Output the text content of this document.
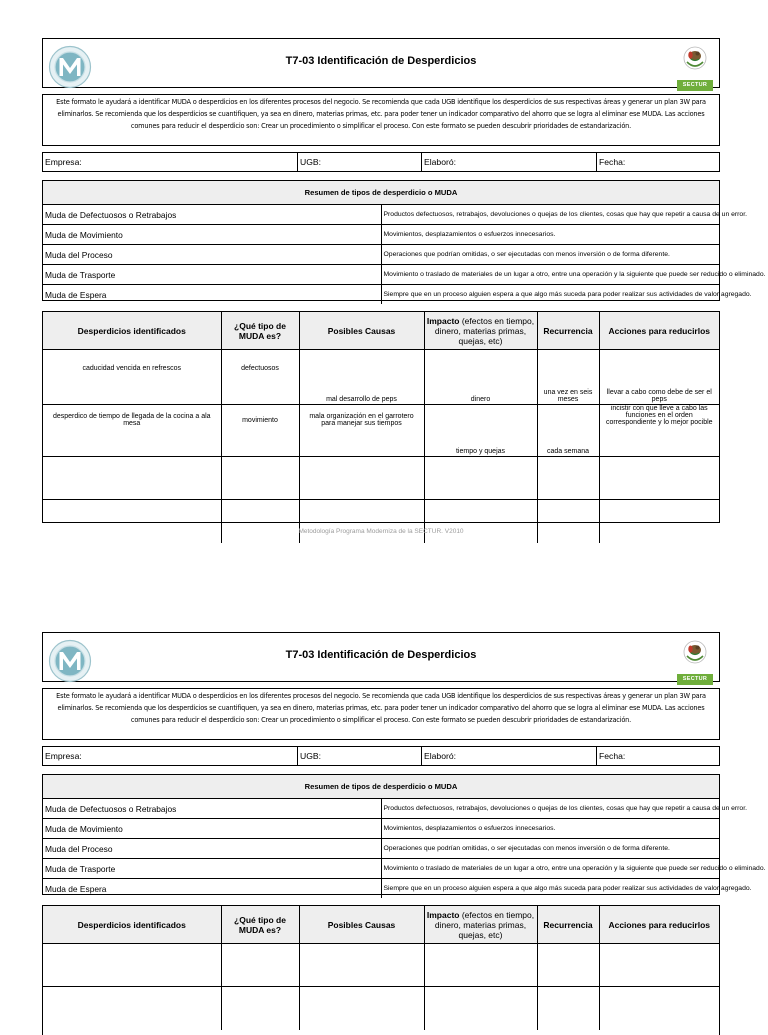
T7-03 Identificación de Desperdicios
SECTUR
Este formato le ayudará a identificar MUDA o desperdicios en los diferentes procesos del negocio. Se recomienda que cada UGB identifique los desperdicios de sus respectivas áreas y generar un plan 3W para eliminarlos. Se recomienda que los desperdicios se cuantifiquen, ya sea en dinero, materias primas, etc. para poder tener un indicador comparativo del ahorro que se logra al eliminar ese MUDA. Las acciones comunes para reducir el desperdicio son: Crear un procedimiento o simplificar el proceso. Con este formato se pueden descubrir prioridades de estandarización.
Empresa:	UGB:	Elaboró:	Fecha:
Resumen de tipos de desperdicio o MUDA	
Muda de Defectuosos o Retrabajos	Productos defectuosos, retrabajos, devoluciones o quejas de los clientes, cosas que hay que repetir a causa de un error.
Muda de Movimiento	Movimientos, desplazamientos o esfuerzos innecesarios.
Muda del Proceso	Operaciones que podrían omitidas, o ser ejecutadas con menos inversión o de forma diferente.
Muda de Trasporte	Movimiento o traslado de materiales de un lugar a otro, entre una operación y la siguiente que puede ser reducido o eliminado.
Muda de Espera	Siempre que en un proceso alguien espera a que algo más suceda para poder realizar sus actividades de valor agregado.
Desperdicios identificados	¿Qué tipo de MUDA es?	Posibles Causas	Impacto (efectos en tiempo, dinero, materias primas, quejas, etc)	Recurrencia	Acciones para reducirlos
caducidad vencida en refrescos	defectuosos	mal desarrollo de peps	dinero	una vez en seis meses	llevar a cabo como debe de ser el peps
desperdico de tiempo de llegada de la cocina a ala mesa	movimiento	mala organización en el garrotero para manejar sus tiempos	tiempo y quejas	cada semana	incistir con que lleve a cabo las funciones en el orden correspondiente y lo mejor pocible

Metodología Programa Moderniza de la SECTUR. V2010
T7-03 Identificación de Desperdicios
SECTUR
Este formato le ayudará a identificar MUDA o desperdicios en los diferentes procesos del negocio. Se recomienda que cada UGB identifique los desperdicios de sus respectivas áreas y generar un plan 3W para eliminarlos. Se recomienda que los desperdicios se cuantifiquen, ya sea en dinero, materias primas, etc. para poder tener un indicador comparativo del ahorro que se logra al eliminar ese MUDA. Las acciones comunes para reducir el desperdicio son: Crear un procedimiento o simplificar el proceso. Con este formato se pueden descubrir prioridades de estandarización.
Empresa:	UGB:	Elaboró:	Fecha:
Resumen de tipos de desperdicio o MUDA	
Muda de Defectuosos o Retrabajos	Productos defectuosos, retrabajos, devoluciones o quejas de los clientes, cosas que hay que repetir a causa de un error.
Muda de Movimiento	Movimientos, desplazamientos o esfuerzos innecesarios.
Muda del Proceso	Operaciones que podrían omitidas, o ser ejecutadas con menos inversión o de forma diferente.
Muda de Trasporte	Movimiento o traslado de materiales de un lugar a otro, entre una operación y la siguiente que puede ser reducido o eliminado.
Muda de Espera	Siempre que en un proceso alguien espera a que algo más suceda para poder realizar sus actividades de valor agregado.
Desperdicios identificados	¿Qué tipo de MUDA es?	Posibles Causas	Impacto (efectos en tiempo, dinero, materias primas, quejas, etc)	Recurrencia	Acciones para reducirlos
